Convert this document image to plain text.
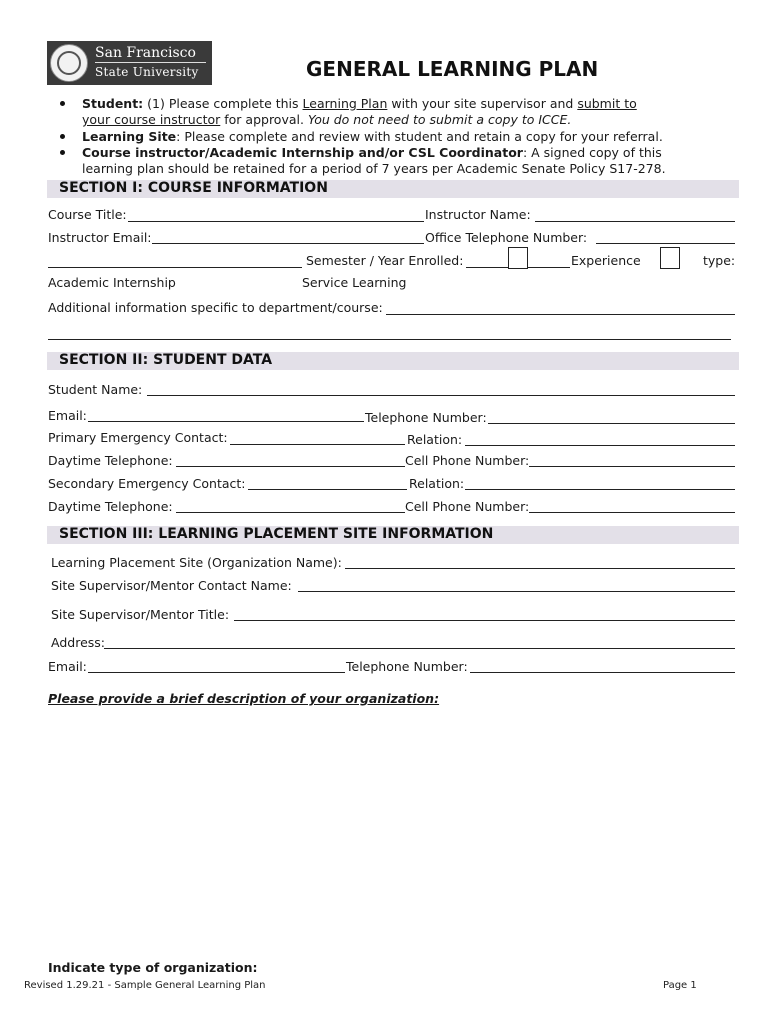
San Francisco
State University	GENERAL LEARNING PLAN
Student: (1) Please complete this Learning Plan with your site supervisor and submit to
your course instructor for approval. You do not need to submit a copy to ICCE.
Learning Site: Please complete and review with student and retain a copy for your referral.
Course instructor/Academic Internship and/or CSL Coordinator: A signed copy of this
learning plan should be retained for a period of 7 years per Academic Senate Policy S17-278.
SECTION I: COURSE INFORMATION
Course Title:	Instructor Name:
Instructor Email:	Office Telephone Number:
Semester / Year Enrolled:	Experience	type:
Academic Internship	Service Learning
Additional information specific to department/course:
SECTION II: STUDENT DATA
Student Name:
Email:	Telephone Number:
Primary Emergency Contact:	Relation:
Daytime Telephone:	Cell Phone Number:
Secondary Emergency Contact:	Relation:
Daytime Telephone:	Cell Phone Number:
SECTION III: LEARNING PLACEMENT SITE INFORMATION
Learning Placement Site (Organization Name):
Site Supervisor/Mentor Contact Name:
Site Supervisor/Mentor Title:
Address:
Email:	Telephone Number:
Please provide a brief description of your organization:
Indicate type of organization:
Revised 1.29.21 - Sample General Learning Plan	Page 1
